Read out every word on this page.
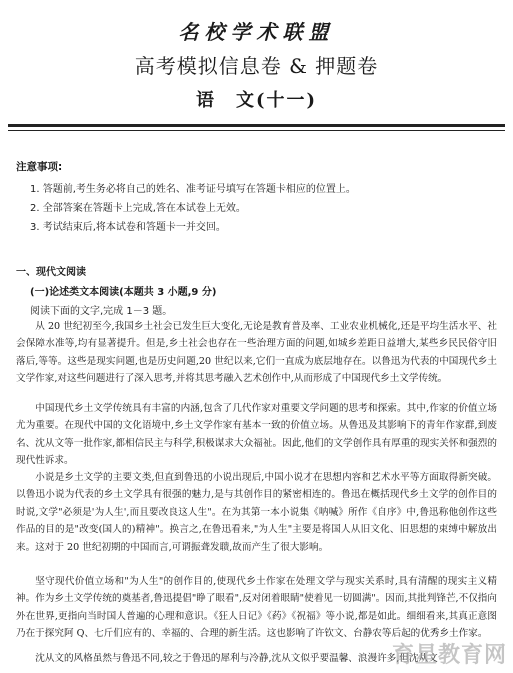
名校学术联盟
高考模拟信息卷 & 押题卷
语　文(十一)
注意事项:
1. 答题前,考生务必将自己的姓名、准考证号填写在答题卡相应的位置上。
2. 全部答案在答题卡上完成,答在本试卷上无效。
3. 考试结束后,将本试卷和答题卡一并交回。
一、现代文阅读
(一)论述类文本阅读(本题共 3 小题,9 分)
阅读下面的文字,完成 1－3 题。

从 20 世纪初至今,我国乡土社会已发生巨大变化,无论是教育普及率、工业农业机械化,还是平均生活水平、社会保障水准等,均有显著提升。但是,乡土社会也存在一些治理方面的问题,如城乡差距日益增大,某些乡民民俗守旧落后,等等。这些是现实问题,也是历史问题,20 世纪以来,它们一直成为底层地存在。以鲁迅为代表的中国现代乡土文学作家,对这些问题进行了深入思考,并将其思考融入艺术创作中,从而形成了中国现代乡土文学传统。

中国现代乡土文学传统具有丰富的内涵,包含了几代作家对重要文学问题的思考和探索。其中,作家的价值立场尤为重要。在现代中国的文化语境中,乡土文学作家有基本一致的价值立场。从鲁迅及其影响下的青年作家群,到废名、沈从文等一批作家,都相信民主与科学,积极谋求大众福祉。因此,他们的文学创作具有厚重的现实关怀和强烈的现代性诉求。

小说是乡土文学的主要文类,但直到鲁迅的小说出现后,中国小说才在思想内容和艺术水平等方面取得新突破。以鲁迅小说为代表的乡土文学具有很强的魅力,是与其创作目的紧密相连的。鲁迅在概括现代乡土文学的创作目的时说,文学"必须是'为人生',而且要改良这人生"。在为其第一本小说集《呐喊》所作《自序》中,鲁迅称他创作这些作品的目的是"改变(国人的)精神"。换言之,在鲁迅看来,"为人生"主要是将国人从旧文化、旧思想的束缚中解放出来。这对于 20 世纪初期的中国而言,可谓振聋发聩,故而产生了很大影响。

坚守现代价值立场和"为人生"的创作目的,使现代乡土作家在处理文学与现实关系时,具有清醒的现实主义精神。作为乡土文学传统的奠基者,鲁迅提倡"睁了眼看",反对闭着眼睛"使着见一切圆满"。因而,其批判锋芒,不仅指向外在世界,更指向当时国人普遍的心理和意识。《狂人日记》《药》《祝福》等小说,都是如此。细细看来,其真正意图乃在于探究阿 Q、七斤们应有的、幸福的、合理的新生活。这也影响了许钦文、台静农等后起的优秀乡土作家。

沈从文的风格虽然与鲁迅不同,较之于鲁迅的犀利与冷静,沈从文似乎要温馨、浪漫许多,但沈从文

育星教育网
